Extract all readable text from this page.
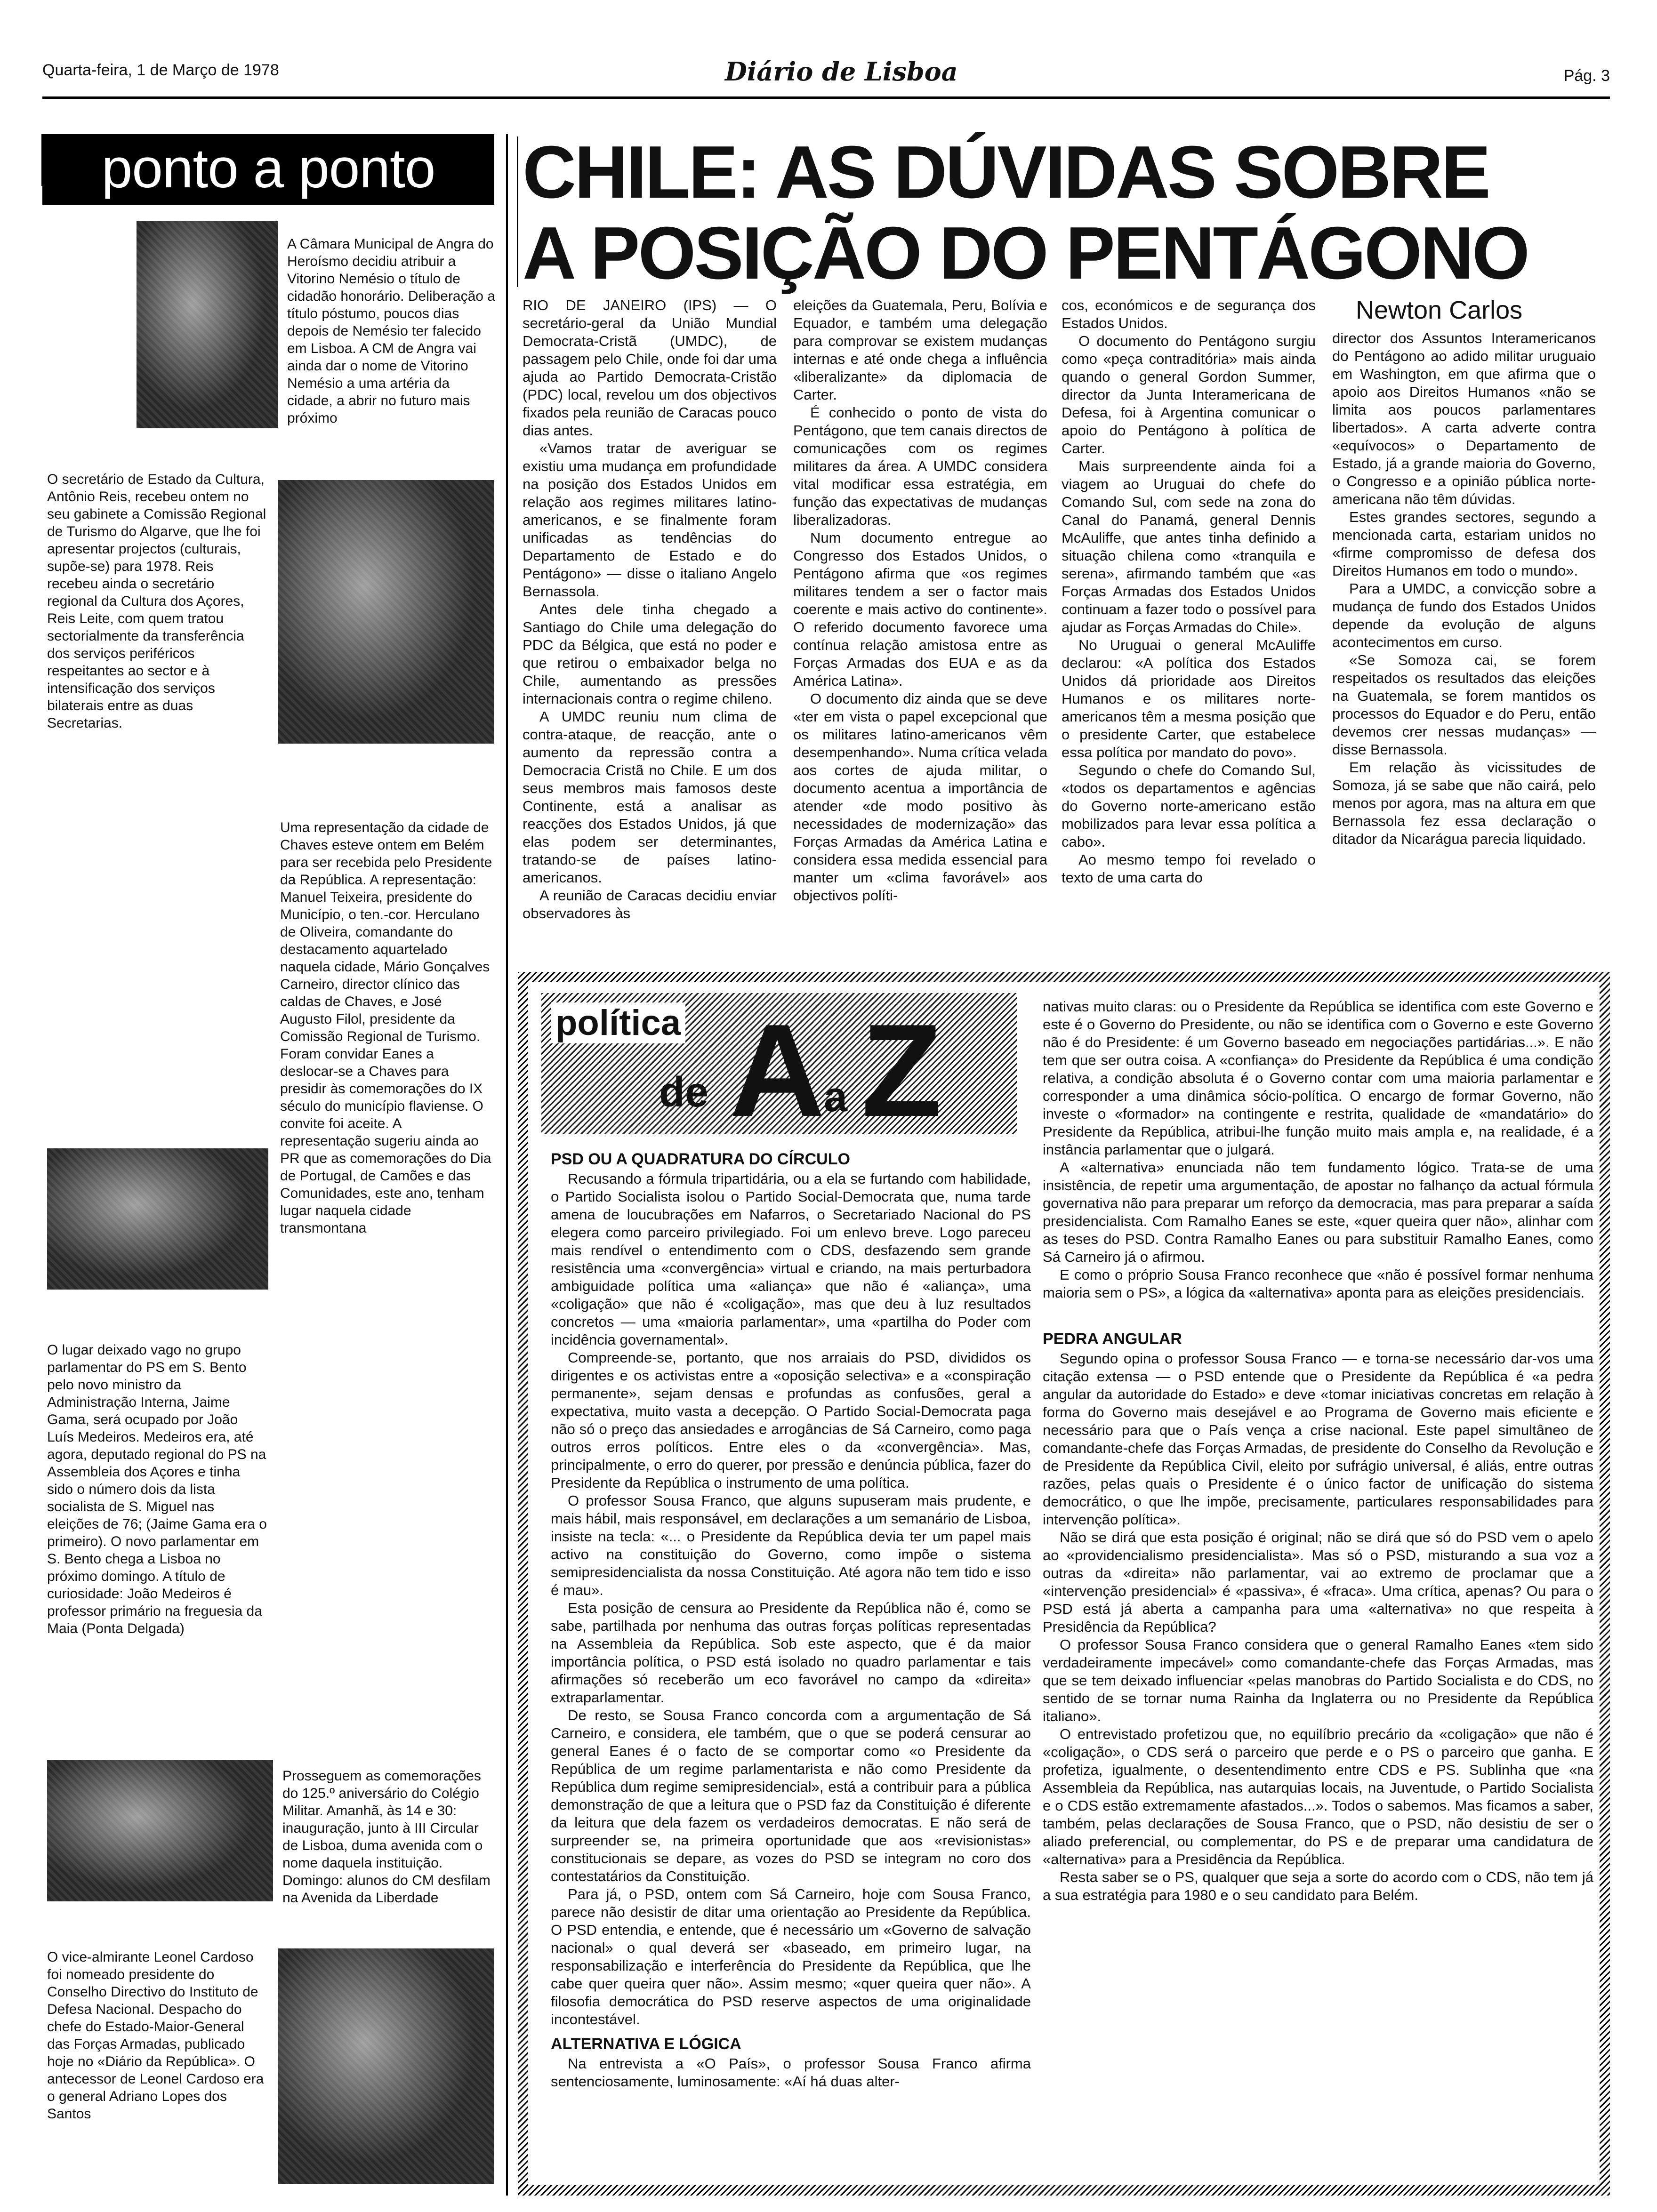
Quarta-feira, 1 de Março de 1978	Diário de Lisboa	Pág. 3
ponto a ponto
A Câmara Municipal de Angra do Heroísmo decidiu atribuir a Vitorino Nemésio o título de cidadão honorário. Deliberação a título póstumo, poucos dias depois de Nemésio ter falecido em Lisboa. A CM de Angra vai ainda dar o nome de Vitorino Nemésio a uma artéria da cidade, a abrir no futuro mais próximo
O secretário de Estado da Cultura, Antônio Reis, recebeu ontem no seu gabinete a Comissão Regional de Turismo do Algarve, que lhe foi apresentar projectos (culturais, supõe-se) para 1978. Reis recebeu ainda o secretário regional da Cultura dos Açores, Reis Leite, com quem tratou sectorialmente da transferência dos serviços periféricos respeitantes ao sector e à intensificação dos serviços bilaterais entre as duas Secretarias.
Uma representação da cidade de Chaves esteve ontem em Belém para ser recebida pelo Presidente da República. A representação: Manuel Teixeira, presidente do Município, o ten.-cor. Herculano de Oliveira, comandante do destacamento aquartelado naquela cidade, Mário Gonçalves Carneiro, director clínico das caldas de Chaves, e José Augusto Filol, presidente da Comissão Regional de Turismo. Foram convidar Eanes a deslocar-se a Chaves para presidir às comemorações do IX século do município flaviense. O convite foi aceite. A representação sugeriu ainda ao PR que as comemorações do Dia de Portugal, de Camões e das Comunidades, este ano, tenham lugar naquela cidade transmontana
O lugar deixado vago no grupo parlamentar do PS em S. Bento pelo novo ministro da Administração Interna, Jaime Gama, será ocupado por João Luís Medeiros. Medeiros era, até agora, deputado regional do PS na Assembleia dos Açores e tinha sido o número dois da lista socialista de S. Miguel nas eleições de 76; (Jaime Gama era o primeiro). O novo parlamentar em S. Bento chega a Lisboa no próximo domingo. A título de curiosidade: João Medeiros é professor primário na freguesia da Maia (Ponta Delgada)
Prosseguem as comemorações do 125.º aniversário do Colégio Militar. Amanhã, às 14 e 30: inauguração, junto à III Circular de Lisboa, duma avenida com o nome daquela instituição. Domingo: alunos do CM desfilam na Avenida da Liberdade
O vice-almirante Leonel Cardoso foi nomeado presidente do Conselho Directivo do Instituto de Defesa Nacional. Despacho do chefe do Estado-Maior-General das Forças Armadas, publicado hoje no «Diário da República». O antecessor de Leonel Cardoso era o general Adriano Lopes dos Santos
CHILE: AS DÚVIDAS SOBRE
A POSIÇÃO DO PENTÁGONO

RIO DE JANEIRO (IPS) — O secretário-geral da União Mundial Democrata-Cristã (UMDC), de passagem pelo Chile, onde foi dar uma ajuda ao Partido Democrata-Cristão (PDC) local, revelou um dos objectivos fixados pela reunião de Caracas pouco dias antes.

«Vamos tratar de averiguar se existiu uma mudança em profundidade na posição dos Estados Unidos em relação aos regimes militares latino-americanos, e se finalmente foram unificadas as tendências do Departamento de Estado e do Pentágono» — disse o italiano Angelo Bernassola.

Antes dele tinha chegado a Santiago do Chile uma delegação do PDC da Bélgica, que está no poder e que retirou o embaixador belga no Chile, aumentando as pressões internacionais contra o regime chileno.

A UMDC reuniu num clima de contra-ataque, de reacção, ante o aumento da repressão contra a Democracia Cristã no Chile. E um dos seus membros mais famosos deste Continente, está a analisar as reacções dos Estados Unidos, já que elas podem ser determinantes, tratando-se de países latino-americanos.

A reunião de Caracas decidiu enviar observadores às

eleições da Guatemala, Peru, Bolívia e Equador, e também uma delegação para comprovar se existem mudanças internas e até onde chega a influência «liberalizante» da diplomacia de Carter.

É conhecido o ponto de vista do Pentágono, que tem canais directos de comunicações com os regimes militares da área. A UMDC considera vital modificar essa estratégia, em função das expectativas de mudanças liberalizadoras.

Num documento entregue ao Congresso dos Estados Unidos, o Pentágono afirma que «os regimes militares tendem a ser o factor mais coerente e mais activo do continente». O referido documento favorece uma contínua relação amistosa entre as Forças Armadas dos EUA e as da América Latina».

O documento diz ainda que se deve «ter em vista o papel excepcional que os militares latino-americanos vêm desempenhando». Numa crítica velada aos cortes de ajuda militar, o documento acentua a importância de atender «de modo positivo às necessidades de modernização» das Forças Armadas da América Latina e considera essa medida essencial para manter um «clima favorável» aos objectivos políti-

cos, económicos e de segurança dos Estados Unidos.

O documento do Pentágono surgiu como «peça contraditória» mais ainda quando o general Gordon Summer, director da Junta Interamericana de Defesa, foi à Argentina comunicar o apoio do Pentágono à política de Carter.

Mais surpreendente ainda foi a viagem ao Uruguai do chefe do Comando Sul, com sede na zona do Canal do Panamá, general Dennis McAuliffe, que antes tinha definido a situação chilena como «tranquila e serena», afirmando também que «as Forças Armadas dos Estados Unidos continuam a fazer todo o possível para ajudar as Forças Armadas do Chile».

No Uruguai o general McAuliffe declarou: «A política dos Estados Unidos dá prioridade aos Direitos Humanos e os militares norte-americanos têm a mesma posição que o presidente Carter, que estabelece essa política por mandato do povo».

Segundo o chefe do Comando Sul, «todos os departamentos e agências do Governo norte-americano estão mobilizados para levar essa política a cabo».

Ao mesmo tempo foi revelado o texto de uma carta do

Newton Carlos

director dos Assuntos Interamericanos do Pentágono ao adido militar uruguaio em Washington, em que afirma que o apoio aos Direitos Humanos «não se limita aos poucos parlamentares libertados». A carta adverte contra «equívocos» o Departamento de Estado, já a grande maioria do Governo, o Congresso e a opinião pública norte-americana não têm dúvidas.

Estes grandes sectores, segundo a mencionada carta, estariam unidos no «firme compromisso de defesa dos Direitos Humanos em todo o mundo».

Para a UMDC, a convicção sobre a mudança de fundo dos Estados Unidos depende da evolução de alguns acontecimentos em curso.

«Se Somoza cai, se forem respeitados os resultados das eleições na Guatemala, se forem mantidos os processos do Equador e do Peru, então devemos crer nessas mudanças» — disse Bernassola.

Em relação às vicissitudes de Somoza, já se sabe que não cairá, pelo menos por agora, mas na altura em que Bernassola fez essa declaração o ditador da Nicarágua parecia liquidado.

política
de A
a Z
PSD OU A QUADRATURA DO CÍRCULO

Recusando a fórmula tripartidária, ou a ela se furtando com habilidade, o Partido Socialista isolou o Partido Social-Democrata que, numa tarde amena de loucubrações em Nafarros, o Secretariado Nacional do PS elegera como parceiro privilegiado. Foi um enlevo breve. Logo pareceu mais rendível o entendimento com o CDS, desfazendo sem grande resistência uma «convergência» virtual e criando, na mais perturbadora ambiguidade política uma «aliança» que não é «aliança», uma «coligação» que não é «coligação», mas que deu à luz resultados concretos — uma «maioria parlamentar», uma «partilha do Poder com incidência governamental».

Compreende-se, portanto, que nos arraiais do PSD, divididos os dirigentes e os activistas entre a «oposição selectiva» e a «conspiração permanente», sejam densas e profundas as confusões, geral a expectativa, muito vasta a decepção. O Partido Social-Democrata paga não só o preço das ansiedades e arrogâncias de Sá Carneiro, como paga outros erros políticos. Entre eles o da «convergência». Mas, principalmente, o erro do querer, por pressão e denúncia pública, fazer do Presidente da República o instrumento de uma política.

O professor Sousa Franco, que alguns supuseram mais prudente, e mais hábil, mais responsável, em declarações a um semanário de Lisboa, insiste na tecla: «... o Presidente da República devia ter um papel mais activo na constituição do Governo, como impõe o sistema semipresidencialista da nossa Constituição. Até agora não tem tido e isso é mau».

Esta posição de censura ao Presidente da República não é, como se sabe, partilhada por nenhuma das outras forças políticas representadas na Assembleia da República. Sob este aspecto, que é da maior importância política, o PSD está isolado no quadro parlamentar e tais afirmações só receberão um eco favorável no campo da «direita» extraparlamentar.

De resto, se Sousa Franco concorda com a argumentação de Sá Carneiro, e considera, ele também, que o que se poderá censurar ao general Eanes é o facto de se comportar como «o Presidente da República de um regime parlamentarista e não como Presidente da República dum regime semipresidencial», está a contribuir para a pública demonstração de que a leitura que o PSD faz da Constituição é diferente da leitura que dela fazem os verdadeiros democratas. E não será de surpreender se, na primeira oportunidade que aos «revisionistas» constitucionais se depare, as vozes do PSD se integram no coro dos contestatários da Constituição.

Para já, o PSD, ontem com Sá Carneiro, hoje com Sousa Franco, parece não desistir de ditar uma orientação ao Presidente da República. O PSD entendia, e entende, que é necessário um «Governo de salvação nacional» o qual deverá ser «baseado, em primeiro lugar, na responsabilização e interferência do Presidente da República, que lhe cabe quer queira quer não». Assim mesmo; «quer queira quer não». A filosofia democrática do PSD reserve aspectos de uma originalidade incontestável.

ALTERNATIVA E LÓGICA

Na entrevista a «O País», o professor Sousa Franco afirma sentenciosamente, luminosamente: «Aí há duas alter-

nativas muito claras: ou o Presidente da República se identifica com este Governo e este é o Governo do Presidente, ou não se identifica com o Governo e este Governo não é do Presidente: é um Governo baseado em negociações partidárias...». E não tem que ser outra coisa. A «confiança» do Presidente da República é uma condição relativa, a condição absoluta é o Governo contar com uma maioria parlamentar e corresponder a uma dinâmica sócio-política. O encargo de formar Governo, não investe o «formador» na contingente e restrita, qualidade de «mandatário» do Presidente da República, atribui-lhe função muito mais ampla e, na realidade, é a instância parlamentar que o julgará.

A «alternativa» enunciada não tem fundamento lógico. Trata-se de uma insistência, de repetir uma argumentação, de apostar no falhanço da actual fórmula governativa não para preparar um reforço da democracia, mas para preparar a saída presidencialista. Com Ramalho Eanes se este, «quer queira quer não», alinhar com as teses do PSD. Contra Ramalho Eanes ou para substituir Ramalho Eanes, como Sá Carneiro já o afirmou.

E como o próprio Sousa Franco reconhece que «não é possível formar nenhuma maioria sem o PS», a lógica da «alternativa» aponta para as eleições presidenciais.

PEDRA ANGULAR

Segundo opina o professor Sousa Franco — e torna-se necessário dar-vos uma citação extensa — o PSD entende que o Presidente da República é «a pedra angular da autoridade do Estado» e deve «tomar iniciativas concretas em relação à forma do Governo mais desejável e ao Programa de Governo mais eficiente e necessário para que o País vença a crise nacional. Este papel simultâneo de comandante-chefe das Forças Armadas, de presidente do Conselho da Revolução e de Presidente da República Civil, eleito por sufrágio universal, é aliás, entre outras razões, pelas quais o Presidente é o único factor de unificação do sistema democrático, o que lhe impõe, precisamente, particulares responsabilidades para intervenção política».

Não se dirá que esta posição é original; não se dirá que só do PSD vem o apelo ao «providencialismo presidencialista». Mas só o PSD, misturando a sua voz a outras da «direita» não parlamentar, vai ao extremo de proclamar que a «intervenção presidencial» é «passiva», é «fraca». Uma crítica, apenas? Ou para o PSD está já aberta a campanha para uma «alternativa» no que respeita à Presidência da República?

O professor Sousa Franco considera que o general Ramalho Eanes «tem sido verdadeiramente impecável» como comandante-chefe das Forças Armadas, mas que se tem deixado influenciar «pelas manobras do Partido Socialista e do CDS, no sentido de se tornar numa Rainha da Inglaterra ou no Presidente da República italiano».

O entrevistado profetizou que, no equilíbrio precário da «coligação» que não é «coligação», o CDS será o parceiro que perde e o PS o parceiro que ganha. E profetiza, igualmente, o desentendimento entre CDS e PS. Sublinha que «na Assembleia da República, nas autarquias locais, na Juventude, o Partido Socialista e o CDS estão extremamente afastados...». Todos o sabemos. Mas ficamos a saber, também, pelas declarações de Sousa Franco, que o PSD, não desistiu de ser o aliado preferencial, ou complementar, do PS e de preparar uma candidatura de «alternativa» para a Presidência da República.

Resta saber se o PS, qualquer que seja a sorte do acordo com o CDS, não tem já a sua estratégia para 1980 e o seu candidato para Belém.
